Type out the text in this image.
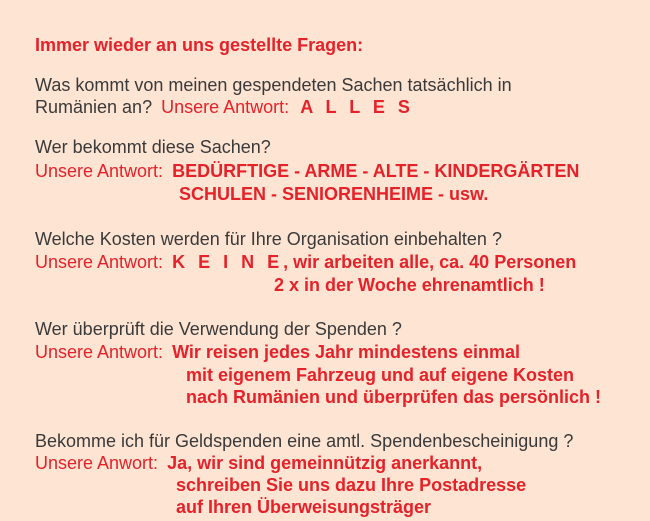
Immer wieder an uns gestellte Fragen:
Was kommt von meinen gespendeten Sachen tatsächlich in
Rumänien an? Unsere Antwort: A L L E S
Wer bekommt diese Sachen?
Unsere Antwort: BEDÜRFTIGE - ARME - ALTE - KINDERGÄRTEN
SCHULEN - SENIORENHEIME - usw.
Welche Kosten werden für Ihre Organisation einbehalten ?
Unsere Antwort: K E I N E, wir arbeiten alle, ca. 40 Personen
2 x in der Woche ehrenamtlich !
Wer überprüft die Verwendung der Spenden ?
Unsere Antwort: Wir reisen jedes Jahr mindestens einmal
mit eigenem Fahrzeug und auf eigene Kosten
nach Rumänien und überprüfen das persönlich !
Bekomme ich für Geldspenden eine amtl. Spendenbescheinigung ?
Unsere Anwort: Ja, wir sind gemeinnützig anerkannt,
schreiben Sie uns dazu Ihre Postadresse
auf Ihren Überweisungsträger
